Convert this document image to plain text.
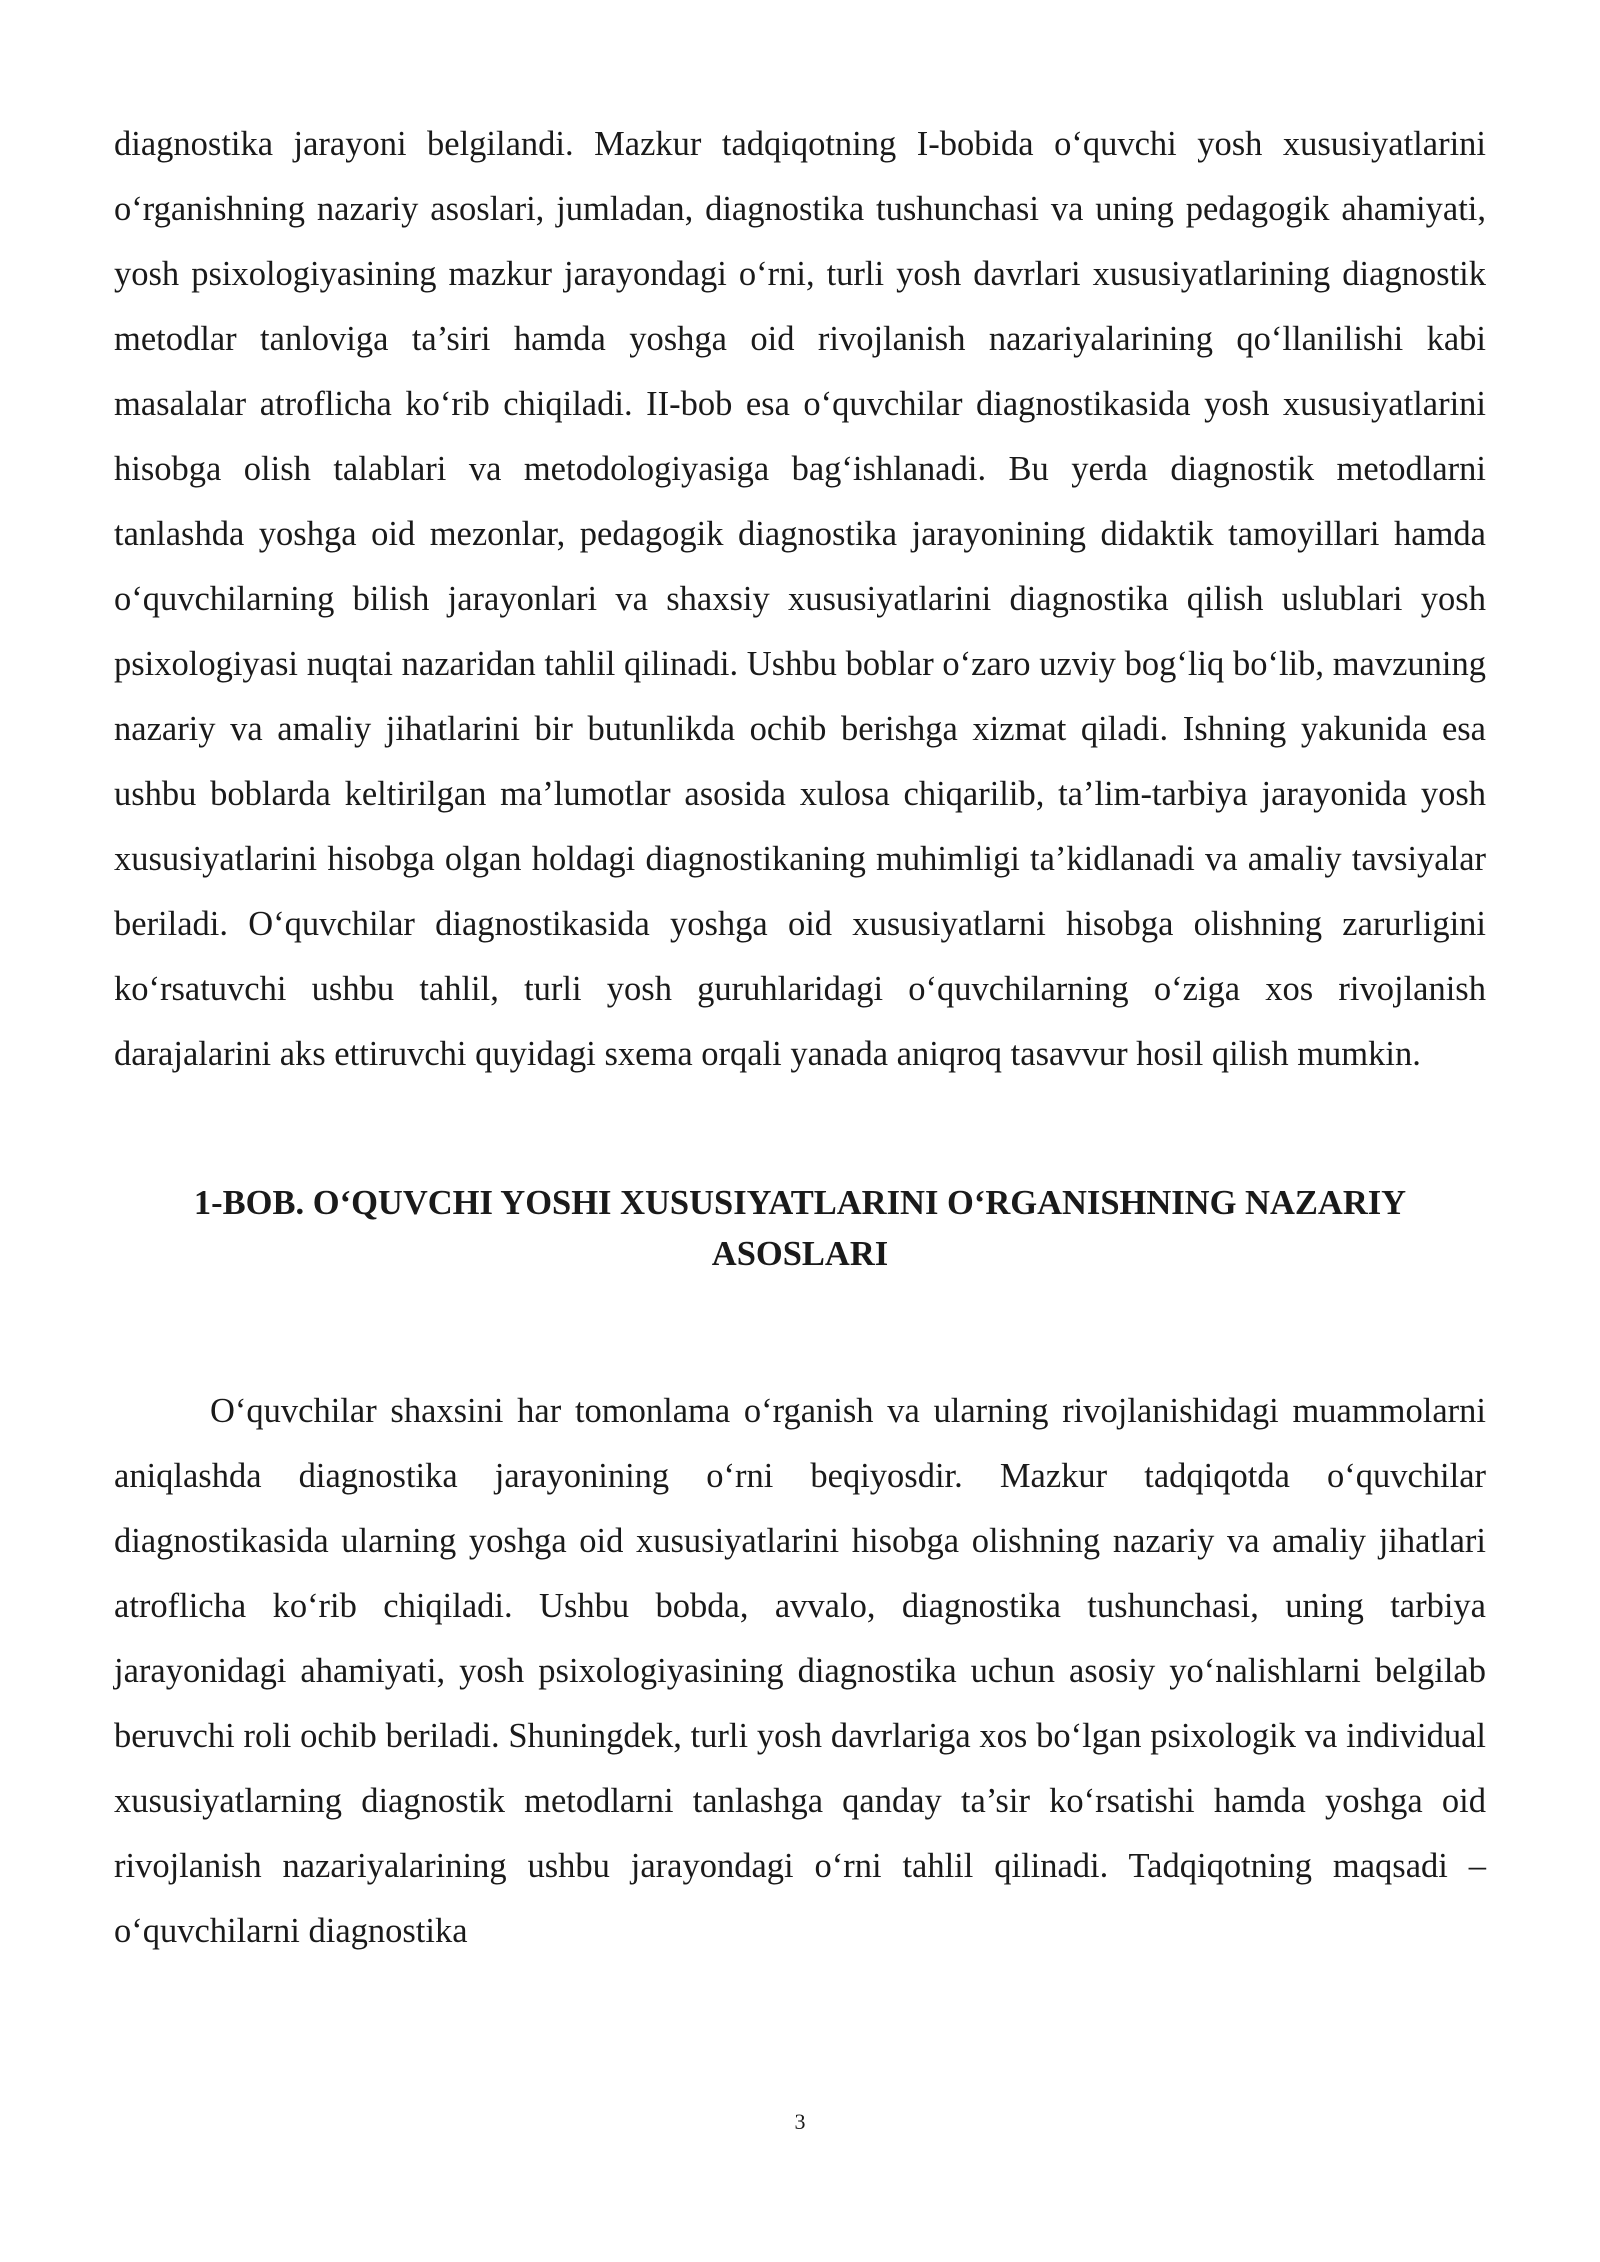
diagnostika jarayoni belgilandi. Mazkur tadqiqotning I-bobida o‘quvchi yosh xususiyatlarini o‘rganishning nazariy asoslari, jumladan, diagnostika tushunchasi va uning pedagogik ahamiyati, yosh psixologiyasining mazkur jarayondagi o‘rni, turli yosh davrlari xususiyatlarining diagnostik metodlar tanloviga ta’siri hamda yoshga oid rivojlanish nazariyalarining qo‘llanilishi kabi masalalar atroflicha ko‘rib chiqiladi. II-bob esa o‘quvchilar diagnostikasida yosh xususiyatlarini hisobga olish talablari va metodologiyasiga bag‘ishlanadi. Bu yerda diagnostik metodlarni tanlashda yoshga oid mezonlar, pedagogik diagnostika jarayonining didaktik tamoyillari hamda o‘quvchilarning bilish jarayonlari va shaxsiy xususiyatlarini diagnostika qilish uslublari yosh psixologiyasi nuqtai nazaridan tahlil qilinadi. Ushbu boblar o‘zaro uzviy bog‘liq bo‘lib, mavzuning nazariy va amaliy jihatlarini bir butunlikda ochib berishga xizmat qiladi. Ishning yakunida esa ushbu boblarda keltirilgan ma’lumotlar asosida xulosa chiqarilib, ta’lim-tarbiya jarayonida yosh xususiyatlarini hisobga olgan holdagi diagnostikaning muhimligi ta’kidlanadi va amaliy tavsiyalar beriladi. O‘quvchilar diagnostikasida yoshga oid xususiyatlarni hisobga olishning zarurligini ko‘rsatuvchi ushbu tahlil, turli yosh guruhlaridagi o‘quvchilarning o‘ziga xos rivojlanish darajalarini aks ettiruvchi quyidagi sxema orqali yanada aniqroq tasavvur hosil qilish mumkin.

1-BOB. O‘QUVCHI YOSHI XUSUSIYATLARINI O‘RGANISHNING NAZARIY
ASOSLARI

O‘quvchilar shaxsini har tomonlama o‘rganish va ularning rivojlanishidagi muammolarni aniqlashda diagnostika jarayonining o‘rni beqiyosdir. Mazkur tadqiqotda o‘quvchilar diagnostikasida ularning yoshga oid xususiyatlarini hisobga olishning nazariy va amaliy jihatlari atroflicha ko‘rib chiqiladi. Ushbu bobda, avvalo, diagnostika tushunchasi, uning tarbiya jarayonidagi ahamiyati, yosh psixologiyasining diagnostika uchun asosiy yo‘nalishlarni belgilab beruvchi roli ochib beriladi. Shuningdek, turli yosh davrlariga xos bo‘lgan psixologik va individual xususiyatlarning diagnostik metodlarni tanlashga qanday ta’sir ko‘rsatishi hamda yoshga oid rivojlanish nazariyalarining ushbu jarayondagi o‘rni tahlil qilinadi. Tadqiqotning maqsadi – o‘quvchilarni diagnostika

3
